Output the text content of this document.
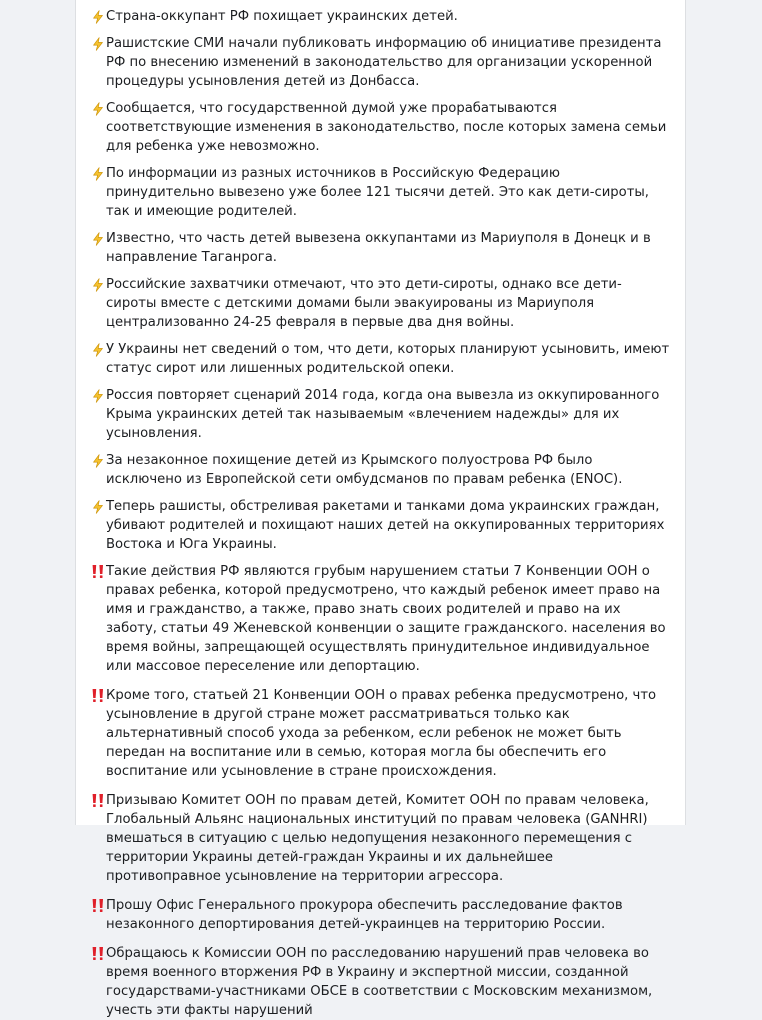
Страна-оккупант РФ похищает украинских детей.
Рашистские СМИ начали публиковать информацию об инициативе президента РФ по внесению изменений в законодательство для организации ускоренной процедуры усыновления детей из Донбасса.
Сообщается, что государственной думой уже прорабатываются соответствующие изменения в законодательство, после которых замена семьи для ребенка уже невозможно.
По информации из разных источников в Российскую Федерацию принудительно вывезено уже более 121 тысячи детей. Это как дети-сироты, так и имеющие родителей.
Известно, что часть детей вывезена оккупантами из Мариуполя в Донецк и в направление Таганрога.
Российские захватчики отмечают, что это дети-сироты, однако все дети-сироты вместе с детскими домами были эвакуированы из Мариуполя централизованно 24-25 февраля в первые два дня войны.
У Украины нет сведений о том, что дети, которых планируют усыновить, имеют статус сирот или лишенных родительской опеки.
Россия повторяет сценарий 2014 года, когда она вывезла из оккупированного Крыма украинских детей так называемым «влечением надежды» для их усыновления.
За незаконное похищение детей из Крымского полуострова РФ было исключено из Европейской сети омбудсманов по правам ребенка (ENOC).
Теперь рашисты, обстреливая ракетами и танками дома украинских граждан, убивают родителей и похищают наших детей на оккупированных территориях Востока и Юга Украины.
Такие действия РФ являются грубым нарушением статьи 7 Конвенции ООН о правах ребенка, которой предусмотрено, что каждый ребенок имеет право на имя и гражданство, а также, право знать своих родителей и право на их заботу, статьи 49 Женевской конвенции о защите гражданского. населения во время войны, запрещающей осуществлять принудительное индивидуальное или массовое переселение или депортацию.
Кроме того, статьей 21 Конвенции ООН о правах ребенка предусмотрено, что усыновление в другой стране может рассматриваться только как альтернативный способ ухода за ребенком, если ребенок не может быть передан на воспитание или в семью, которая могла бы обеспечить его воспитание или усыновление в стране происхождения.
Призываю Комитет ООН по правам детей, Комитет ООН по правам человека, Глобальный Альянс национальных институций по правам человека (GANHRI) вмешаться в ситуацию с целью недопущения незаконного перемещения с территории Украины детей-граждан Украины и их дальнейшее противоправное усыновление на территории агрессора.
Прошу Офис Генерального прокурора обеспечить расследование фактов незаконного депортирования детей-украинцев на территорию России.
Обращаюсь к Комиссии ООН по расследованию нарушений прав человека во время военного вторжения РФ в Украину и экспертной миссии, созданной государствами-участниками ОБСЕ в соответствии с Московским механизмом, учесть эти факты нарушений
